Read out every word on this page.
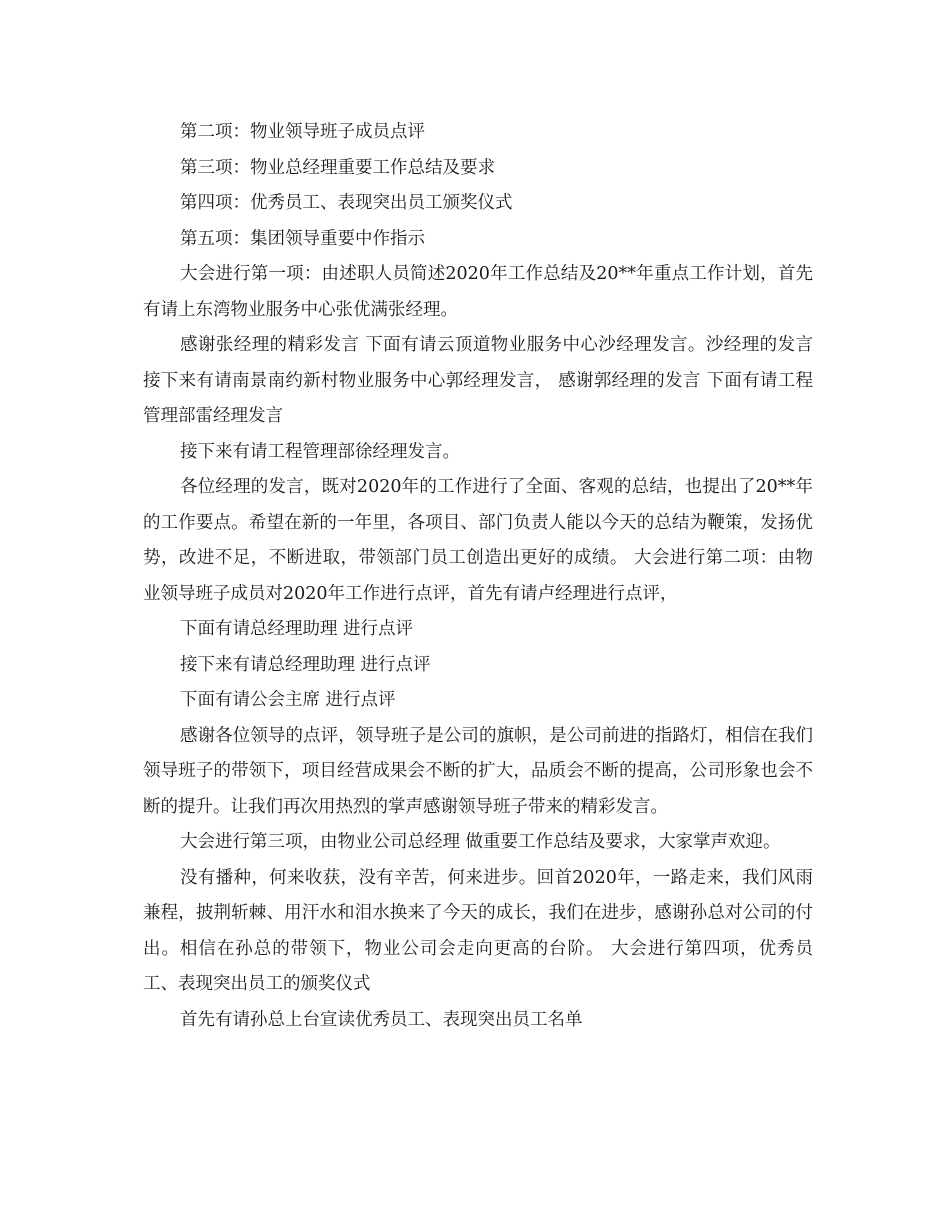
第二项：物业领导班子成员点评

第三项：物业总经理重要工作总结及要求

第四项：优秀员工、表现突出员工颁奖仪式

第五项：集团领导重要中作指示

大会进行第一项：由述职人员简述2020年工作总结及20**年重点工作计划，首先有请上东湾物业服务中心张优满张经理。

感谢张经理的精彩发言 下面有请云顶道物业服务中心沙经理发言。沙经理的发言 接下来有请南景南约新村物业服务中心郭经理发言， 感谢郭经理的发言 下面有请工程管理部雷经理发言

接下来有请工程管理部徐经理发言。

各位经理的发言，既对2020年的工作进行了全面、客观的总结，也提出了20**年的工作要点。希望在新的一年里，各项目、部门负责人能以今天的总结为鞭策，发扬优势，改进不足，不断进取，带领部门员工创造出更好的成绩。 大会进行第二项：由物业领导班子成员对2020年工作进行点评，首先有请卢经理进行点评，

下面有请总经理助理 进行点评

接下来有请总经理助理 进行点评

下面有请公会主席 进行点评

感谢各位领导的点评，领导班子是公司的旗帜，是公司前进的指路灯，相信在我们领导班子的带领下，项目经营成果会不断的扩大，品质会不断的提高，公司形象也会不断的提升。让我们再次用热烈的掌声感谢领导班子带来的精彩发言。

大会进行第三项，由物业公司总经理 做重要工作总结及要求，大家掌声欢迎。

没有播种，何来收获，没有辛苦，何来进步。回首2020年，一路走来，我们风雨兼程，披荆斩棘、用汗水和泪水换来了今天的成长，我们在进步，感谢孙总对公司的付出。相信在孙总的带领下，物业公司会走向更高的台阶。 大会进行第四项，优秀员工、表现突出员工的颁奖仪式

首先有请孙总上台宣读优秀员工、表现突出员工名单
